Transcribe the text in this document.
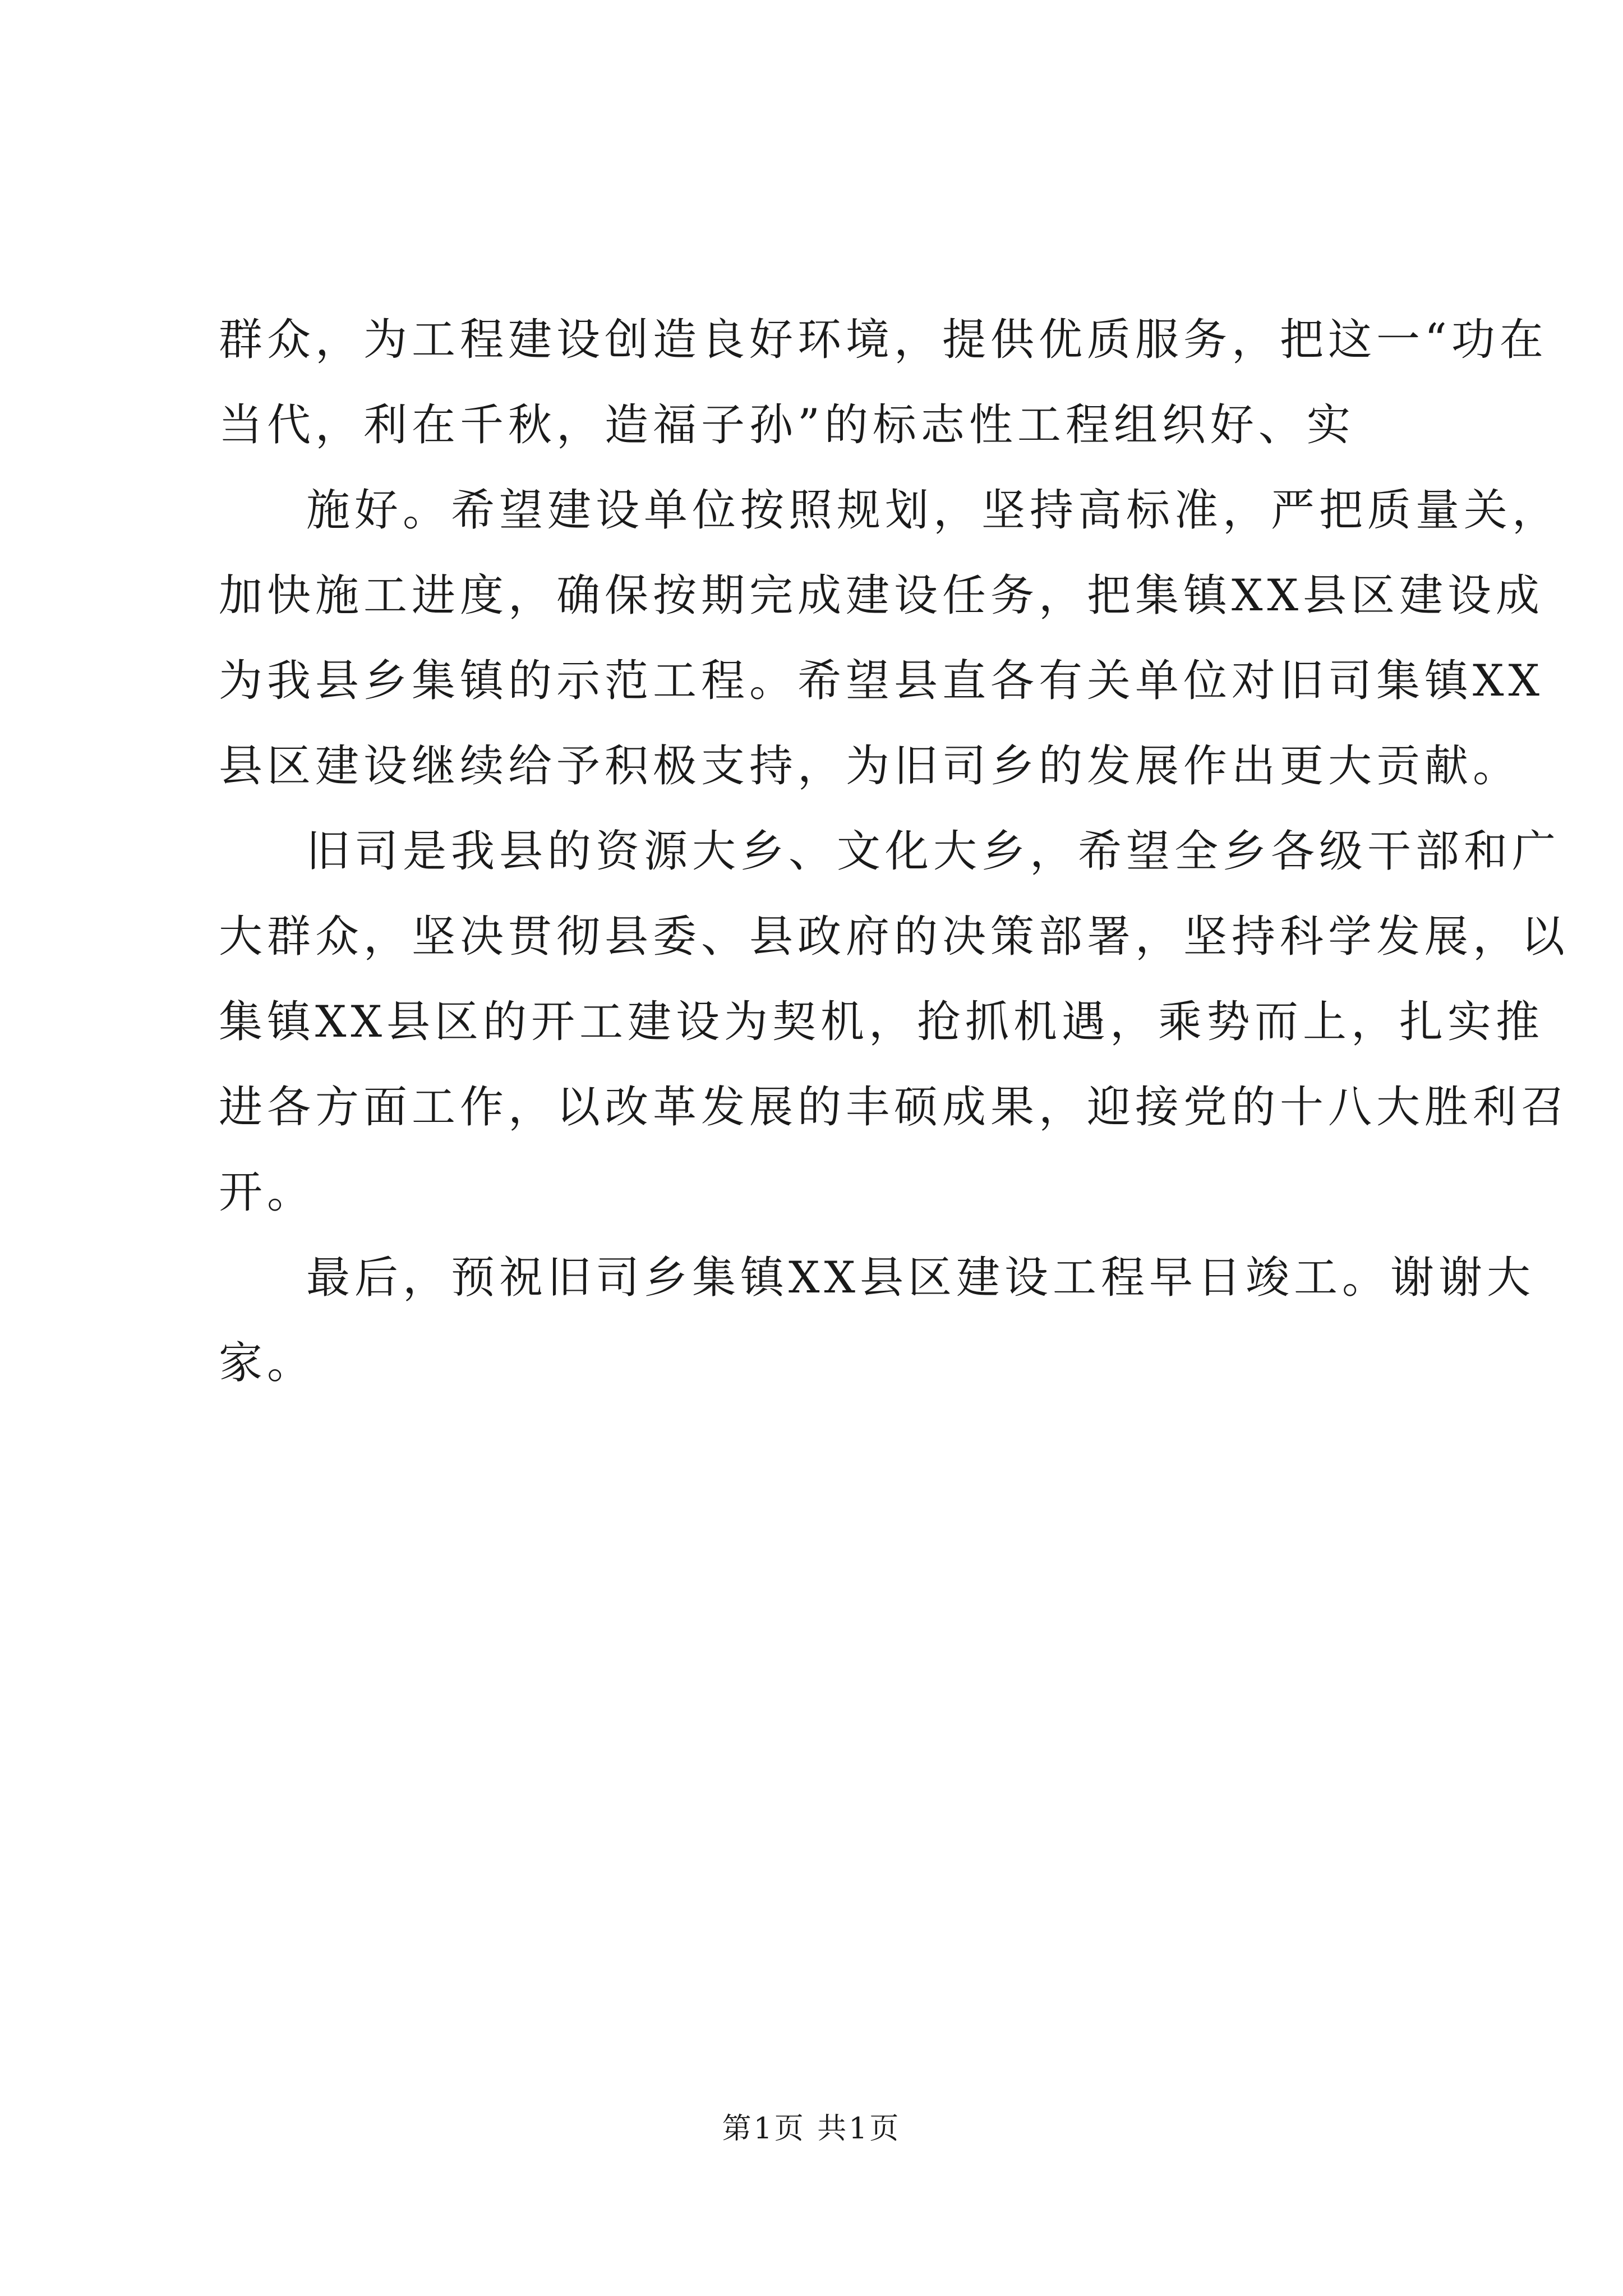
群众，为工程建设创造良好环境，提供优质服务，把这一“功在
当代，利在千秋，造福子孙”的标志性工程组织好、实
施好。希望建设单位按照规划，坚持高标准，严把质量关，
加快施工进度，确保按期完成建设任务，把集镇XX县区建设成
为我县乡集镇的示范工程。希望县直各有关单位对旧司集镇XX
县区建设继续给予积极支持，为旧司乡的发展作出更大贡献。
旧司是我县的资源大乡、文化大乡，希望全乡各级干部和广
大群众，坚决贯彻县委、县政府的决策部署，坚持科学发展，以
集镇XX县区的开工建设为契机，抢抓机遇，乘势而上，扎实推
进各方面工作，以改革发展的丰硕成果，迎接党的十八大胜利召
开。
最后，预祝旧司乡集镇XX县区建设工程早日竣工。谢谢大
家。
第1页 共1页
